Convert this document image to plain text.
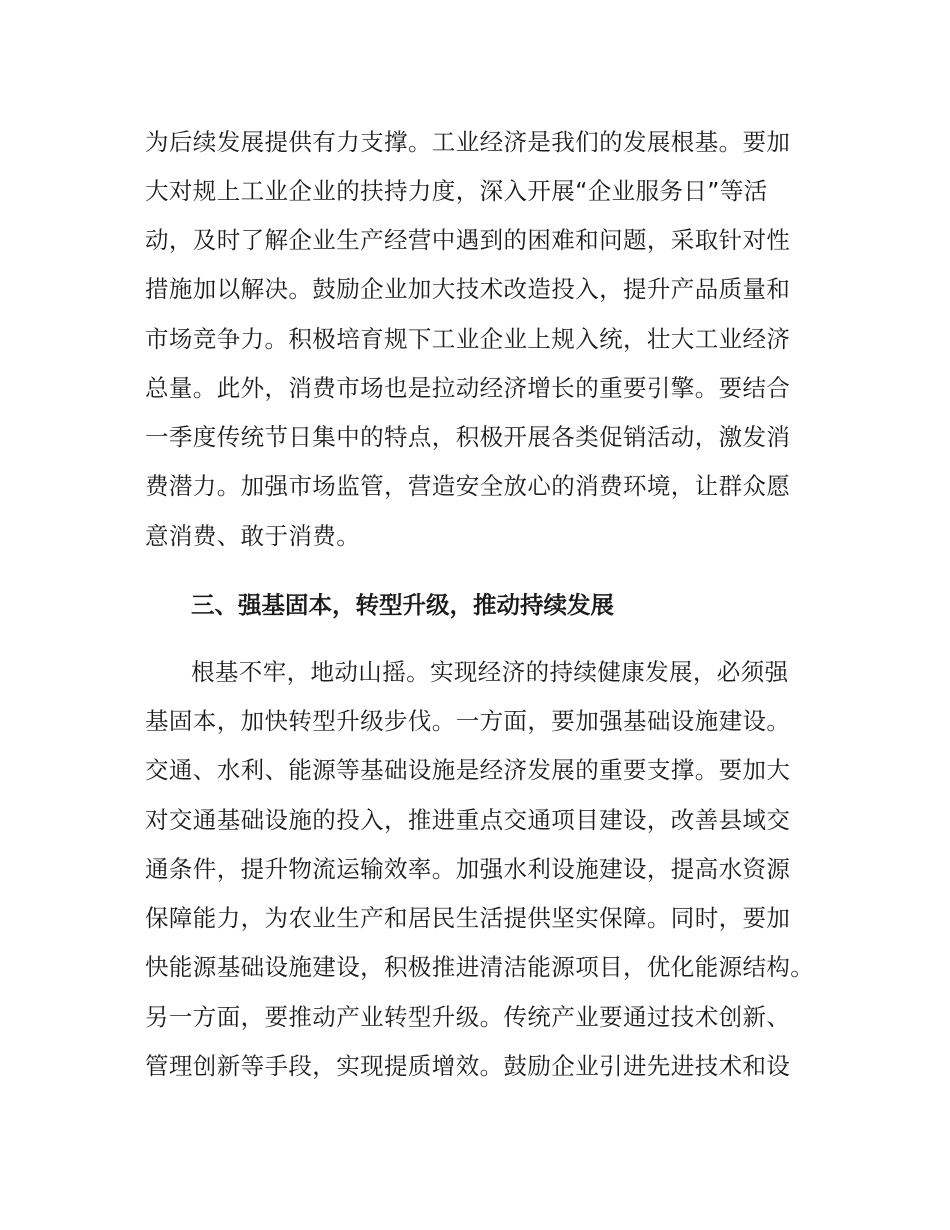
为后续发展提供有力支撑。工业经济是我们的发展根基。要加
大对规上工业企业的扶持力度，深入开展“企业服务日”等活
动，及时了解企业生产经营中遇到的困难和问题，采取针对性
措施加以解决。鼓励企业加大技术改造投入，提升产品质量和
市场竞争力。积极培育规下工业企业上规入统，壮大工业经济
总量。此外，消费市场也是拉动经济增长的重要引擎。要结合
一季度传统节日集中的特点，积极开展各类促销活动，激发消
费潜力。加强市场监管，营造安全放心的消费环境，让群众愿
意消费、敢于消费。
三、强基固本，转型升级，推动持续发展
根基不牢，地动山摇。实现经济的持续健康发展，必须强
基固本，加快转型升级步伐。一方面，要加强基础设施建设。
交通、水利、能源等基础设施是经济发展的重要支撑。要加大
对交通基础设施的投入，推进重点交通项目建设，改善县域交
通条件，提升物流运输效率。加强水利设施建设，提高水资源
保障能力，为农业生产和居民生活提供坚实保障。同时，要加
快能源基础设施建设，积极推进清洁能源项目，优化能源结构。
另一方面，要推动产业转型升级。传统产业要通过技术创新、
管理创新等手段，实现提质增效。鼓励企业引进先进技术和设
